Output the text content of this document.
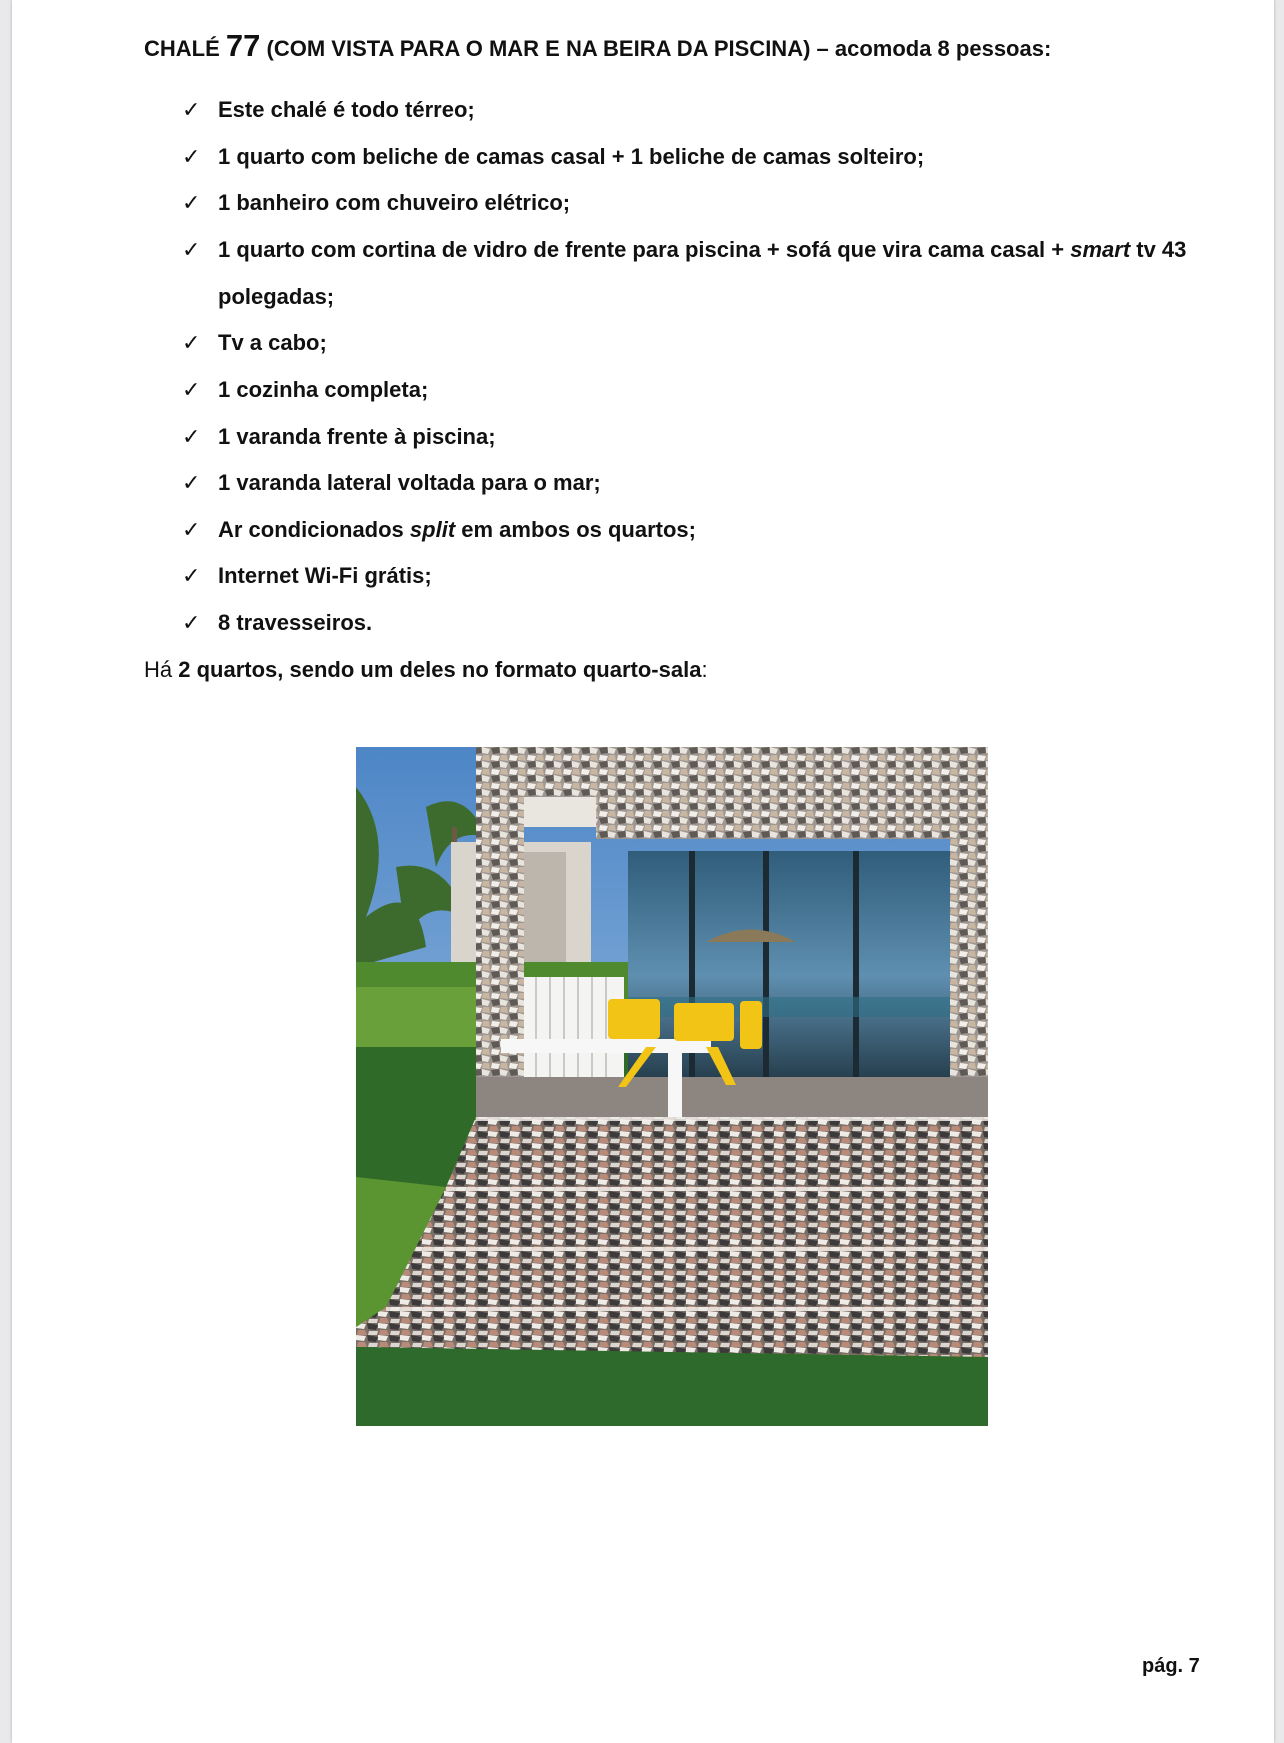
CHALÉ 77 (COM VISTA PARA O MAR E NA BEIRA DA PISCINA) – acomoda 8 pessoas:
✓ Este chalé é todo térreo;
✓ 1 quarto com beliche de camas casal + 1 beliche de camas solteiro;
✓ 1 banheiro com chuveiro elétrico;
✓ 1 quarto com cortina de vidro de frente para piscina + sofá que vira cama casal + smart tv 43
polegadas;
✓ Tv a cabo;
✓ 1 cozinha completa;
✓ 1 varanda frente à piscina;
✓ 1 varanda lateral voltada para o mar;
✓ Ar condicionados split em ambos os quartos;
✓ Internet Wi-Fi grátis;
✓ 8 travesseiros.
Há 2 quartos, sendo um deles no formato quarto-sala:
pág. 7
